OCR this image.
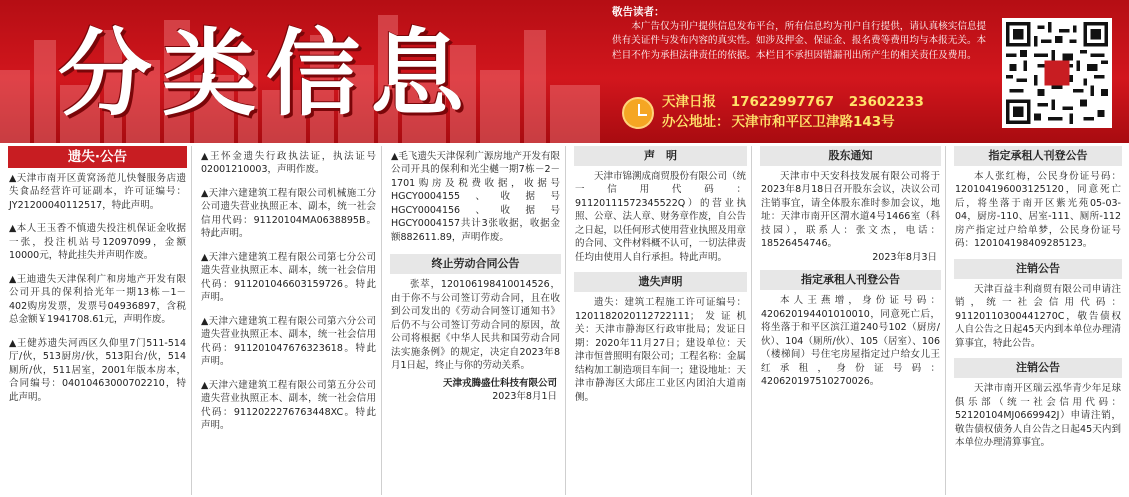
分类信息
敬告读者：
本广告仅为刊户提供信息发布平台，所有信息均为刊户自行提供，请认真核实信息提供有关证件与发布内容的真实性。如涉及押金、保证金、报名费等费用均与本报无关。本栏目不作为承担法律责任的依据。本栏目不承担因错漏刊出所产生的相关责任及费用。
天津日报 17622997767 23602233
办公地址： 天津市和平区卫津路143号
遗失·公告
▲天津市南开区黄窝汤范儿快餐服务店遗失食品经营许可证副本，许可证编号：JY21200040112517，特此声明。
▲本人王玉香不慎遗失投注机保证金收据一张，投注机站号12097099，金额10000元，特此挂失并声明作废。
▲王迪遗失天津保利广和房地产开发有限公司开具的保利拾光年一期13栋－1－402购房发票，发票号04936897，含税总金额￥1941708.61元，声明作废。
▲王健苏遗失河西区久仰里7门511-514厅/伙，513厨房/伙，513阳台/伙，514厕所/伙，511居室，2001年版本房本，合同编号：0401046300070221​0，特此声明。
▲王怀金遗失行政执法证，执法证号02001210003，声明作废。
▲天津六建建筑工程有限公司机械施工分公司遗失营业执照正本、副本，统一社会信用代码：91120104MA0638895B。特此声明。
▲天津六建建筑工程有限公司第七分公司遗失营业执照正本、副本，统一社会信用代码：91120104660315972​6。特此声明。
▲天津六建建筑工程有限公司第六分公司遗失营业执照正本、副本，统一社会信用代码：9112010476763236​18。特此声明。
▲天津六建建筑工程有限公司第五分公司遗失营业执照正本、副本，统一社会信用代码：911202227676344​8XC。特此声明。
▲毛飞遗失天津保利广源房地产开发有限公司开具的保利和光尘樾一期7栋－2－1701购房及税费收据，收据号HGCY0004155、收据号HGCY0004156、收据号HGCY0004157共计3张收据，收据金额882611.89，声明作废。
终止劳动合同公告
张萃，120106198410014526，由于你不与公司签订劳动合同，且在收到公司发出的《劳动合同签订通知书》后仍不与公司签订劳动合同的原因，故公司将根据《中华人民共和国劳动合同法实施条例》的规定，决定自2023年8月1日起，终止与你的劳动关系。
天津戎腾盛仕科技有限公司
2023年8月1日
声　明
天津市锦溯成商贸股份有限公司（统一信用代码：91120111572345522Q）的营业执照、公章、法人章、财务章作废，自公告之日起，以任何形式使用营业执照及用章的合同、文件材料概不认可，一切法律责任均由使用人自行承担。特此声明。
遗失声明
遗失：建筑工程施工许可证编号：120118202011272211​1；发证机关：天津市静海区行政审批局；发证日期：2020年11月27日；建设单位：天津市恒普照明有限公司；工程名称：金属结构加工制造项目车间一；建设地址：天津市静海区大邱庄工业区内团泊大道南侧。
股东通知
天津市中天安科技发展有限公司将于2023年8月18日召开股东会议，决议公司注销事宜，请全体股东准时参加会议，地址：天津市南开区渭水道4号1466室（科技园），联系人：张文杰，电话：18526454746。
2023年8月3日
指定承租人刊登公告
本人王燕增，身份证号码：420620194401010010，同意死亡后，将坐落于和平区滨江道240号102（厨房/伙）、104（厕所/伙）、105（居室）、106（楼梯间）号住宅房屋指定过户给女儿王红承租，身份证号码：420620197510270026。
指定承租人刊登公告
本人张红梅，公民身份证号码：120104196003125120，同意死亡后，将坐落于南开区紫光苑05-03-04，厨房-110、居室-111、厕所-112房产指定过户给单梦，公民身份证号码：120104198409285123。
注销公告
天津百益丰利商贸有限公司申请注销，统一社会信用代码：91120110300441270C，敬告债权人自公告之日起45天内到本单位办理清算事宜，特此公告。
注销公告
天津市南开区瑞云泓华青少年足球俱乐部（统一社会信用代码：52120104MJ0669942J）申请注销，敬告债权债务人自公告之日起45天内到本单位办理清算事宜。
